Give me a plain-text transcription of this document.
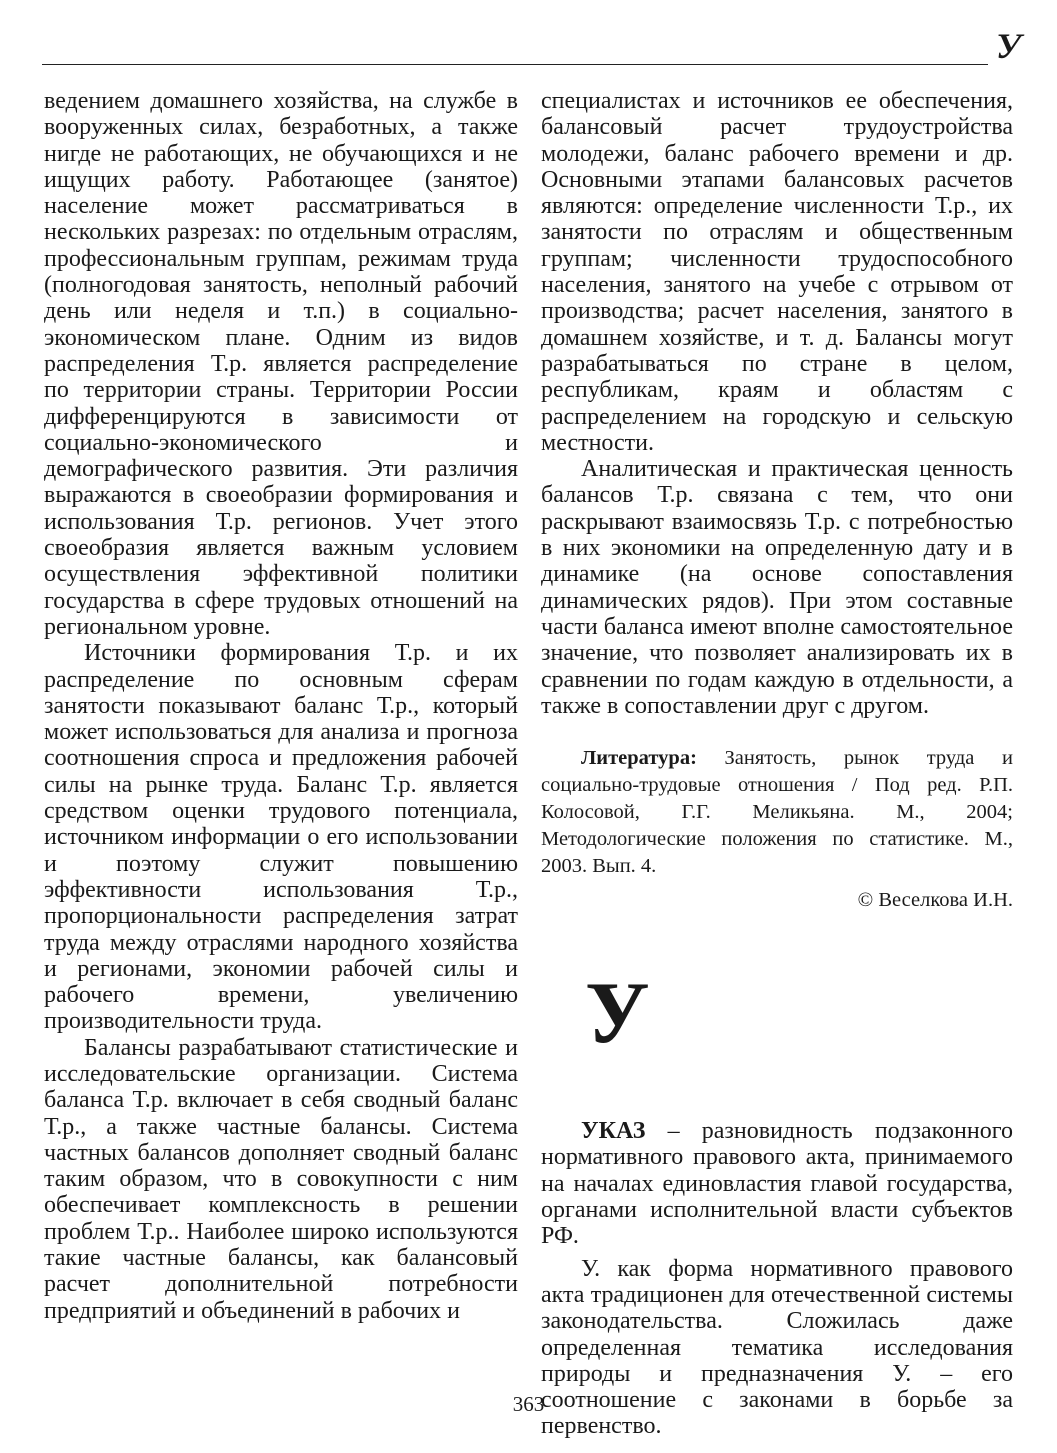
У

ведением домашнего хозяйства, на службе в вооруженных силах, безработных, а также нигде не работающих, не обучающихся и не ищущих работу. Работающее (занятое) население может рассматриваться в нескольких разрезах: по отдельным отраслям, профессиональным группам, режимам труда (полногодовая занятость, неполный рабочий день или неделя и т.п.) в социально-экономическом плане. Одним из видов распределения Т.р. является распределение по территории страны. Территории России дифференцируются в зависимости от социально-экономического и демографического развития. Эти различия выражаются в своеобразии формирования и использования Т.р. регионов. Учет этого своеобразия является важным условием осуществления эффективной политики государства в сфере трудовых отношений на региональном уровне.

Источники формирования Т.р. и их распределение по основным сферам занятости показывают баланс Т.р., который может использоваться для анализа и прогноза соотношения спроса и предложения рабочей силы на рынке труда. Баланс Т.р. является средством оценки трудового потенциала, источником информации о его использовании и поэтому служит повышению эффективности использования Т.р., пропорциональности распределения затрат труда между отраслями народного хозяйства и регионами, экономии рабочей силы и рабочего времени, увеличению производительности труда.

Балансы разрабатывают статистические и исследовательские организации. Система баланса Т.р. включает в себя сводный баланс Т.р., а также частные балансы. Система частных балансов дополняет сводный баланс таким образом, что в совокупности с ним обеспечивает комплексность в решении проблем Т.р.. Наиболее широко используются такие частные балансы, как балансовый расчет дополнительной потребности предприятий и объединений в рабочих и

специалистах и источников ее обеспечения, балансовый расчет трудоустройства молодежи, баланс рабочего времени и др. Основными этапами балансовых расчетов являются: определение численности Т.р., их занятости по отраслям и общественным группам; численности трудоспособного населения, занятого на учебе с отрывом от производства; расчет населения, занятого в домашнем хозяйстве, и т. д. Балансы могут разрабатываться по стране в целом, республикам, краям и областям с распределением на городскую и сельскую местности.

Аналитическая и практическая ценность балансов Т.р. связана с тем, что они раскрывают взаимосвязь Т.р. с потребностью в них экономики на определенную дату и в динамике (на основе сопоставления динамических рядов). При этом составные части баланса имеют вполне самостоятельное значение, что позволяет анализировать их в сравнении по годам каждую в отдельности, а также в сопоставлении друг с другом.

Литература: Занятость, рынок труда и социально-трудовые отношения / Под ред. Р.П. Колосовой, Г.Г. Меликьяна. М., 2004; Методологические положения по статистике. М., 2003. Вып. 4.

© Веселкова И.Н.
У

УКАЗ – разновидность подзаконного нормативного правового акта, принимаемого на началах единовластия главой государства, органами исполнительной власти субъектов РФ.

У. как форма нормативного правового акта традиционен для отечественной системы законодательства. Сложилась даже определенная тематика исследования природы и предназначения У. – его соотношение с законами в борьбе за первенство.

363
